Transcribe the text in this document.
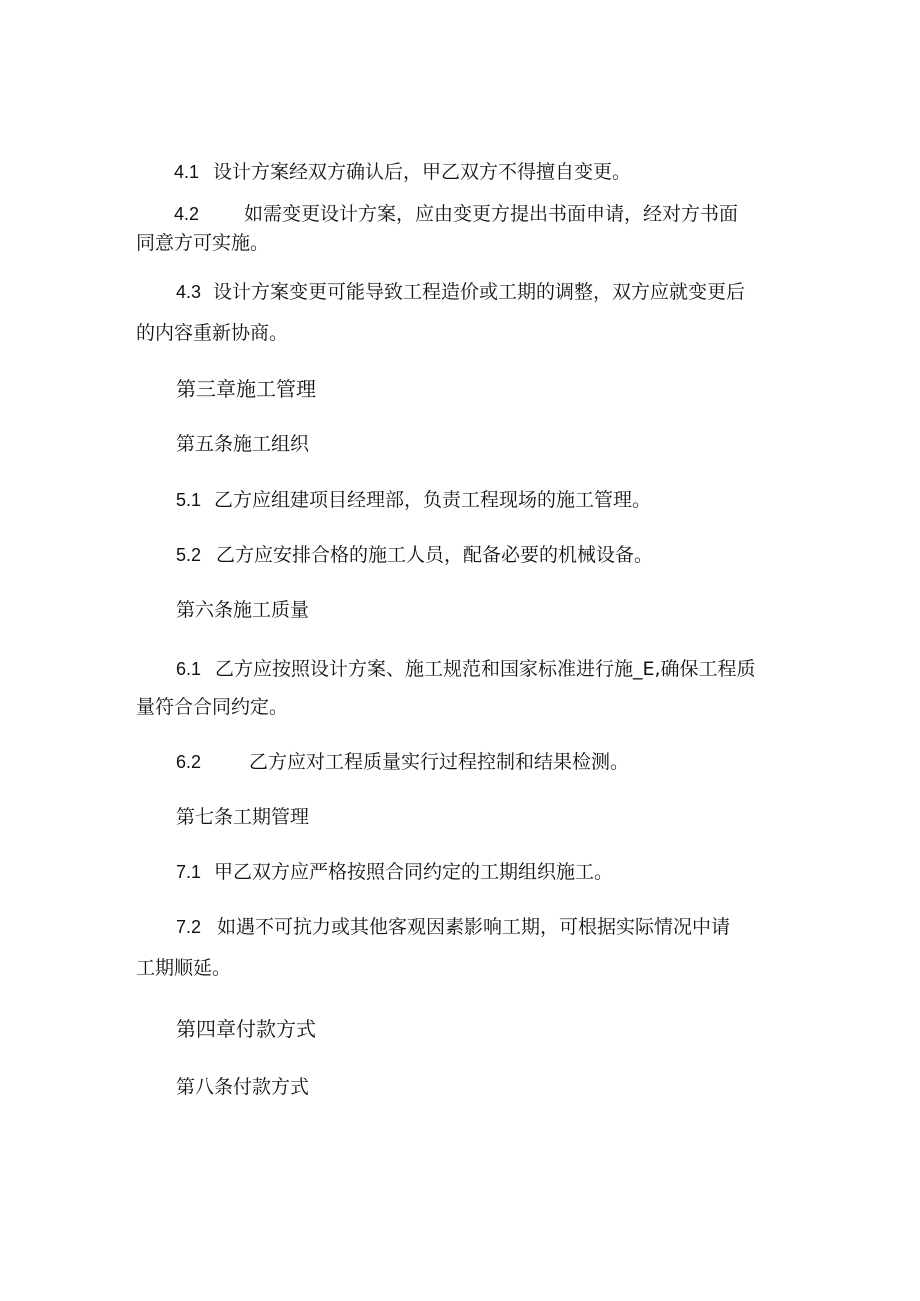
4.1 设计方案经双方确认后，甲乙双方不得擅自变更。

4.2 如需变更设计方案，应由变更方提出书面申请，经对方书面

同意方可实施。

4.3 设计方案变更可能导致工程造价或工期的调整，双方应就变更后

的内容重新协商。

第三章施工管理

第五条施工组织

5.1 乙方应组建项目经理部，负责工程现场的施工管理。

5.2 乙方应安排合格的施工人员，配备必要的机械设备。

第六条施工质量

6.1 乙方应按照设计方案、施工规范和国家标准进行施_E,确保工程质

量符合合同约定。

6.2	乙方应对工程质量实行过程控制和结果检测。

第七条工期管理

7.1 甲乙双方应严格按照合同约定的工期组织施工。

7.2 如遇不可抗力或其他客观因素影响工期，可根据实际情况中请

工期顺延。

第四章付款方式

第八条付款方式
